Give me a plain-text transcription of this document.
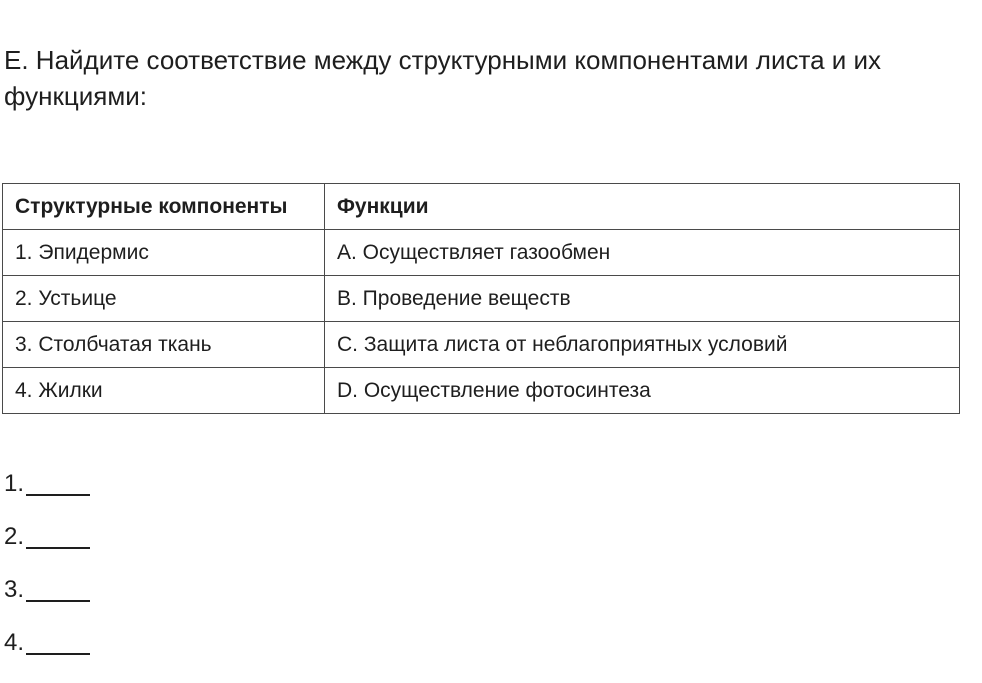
Е. Найдите соответствие между структурными компонентами листа и их функциями:

Структурные компоненты	Функции
1. Эпидермис	А. Осуществляет газообмен
2. Устьице	В. Проведение веществ
3. Столбчатая ткань	С. Защита листа от неблагоприятных условий
4. Жилки	D. Осуществление фотосинтеза
1.
2.
3.
4.
